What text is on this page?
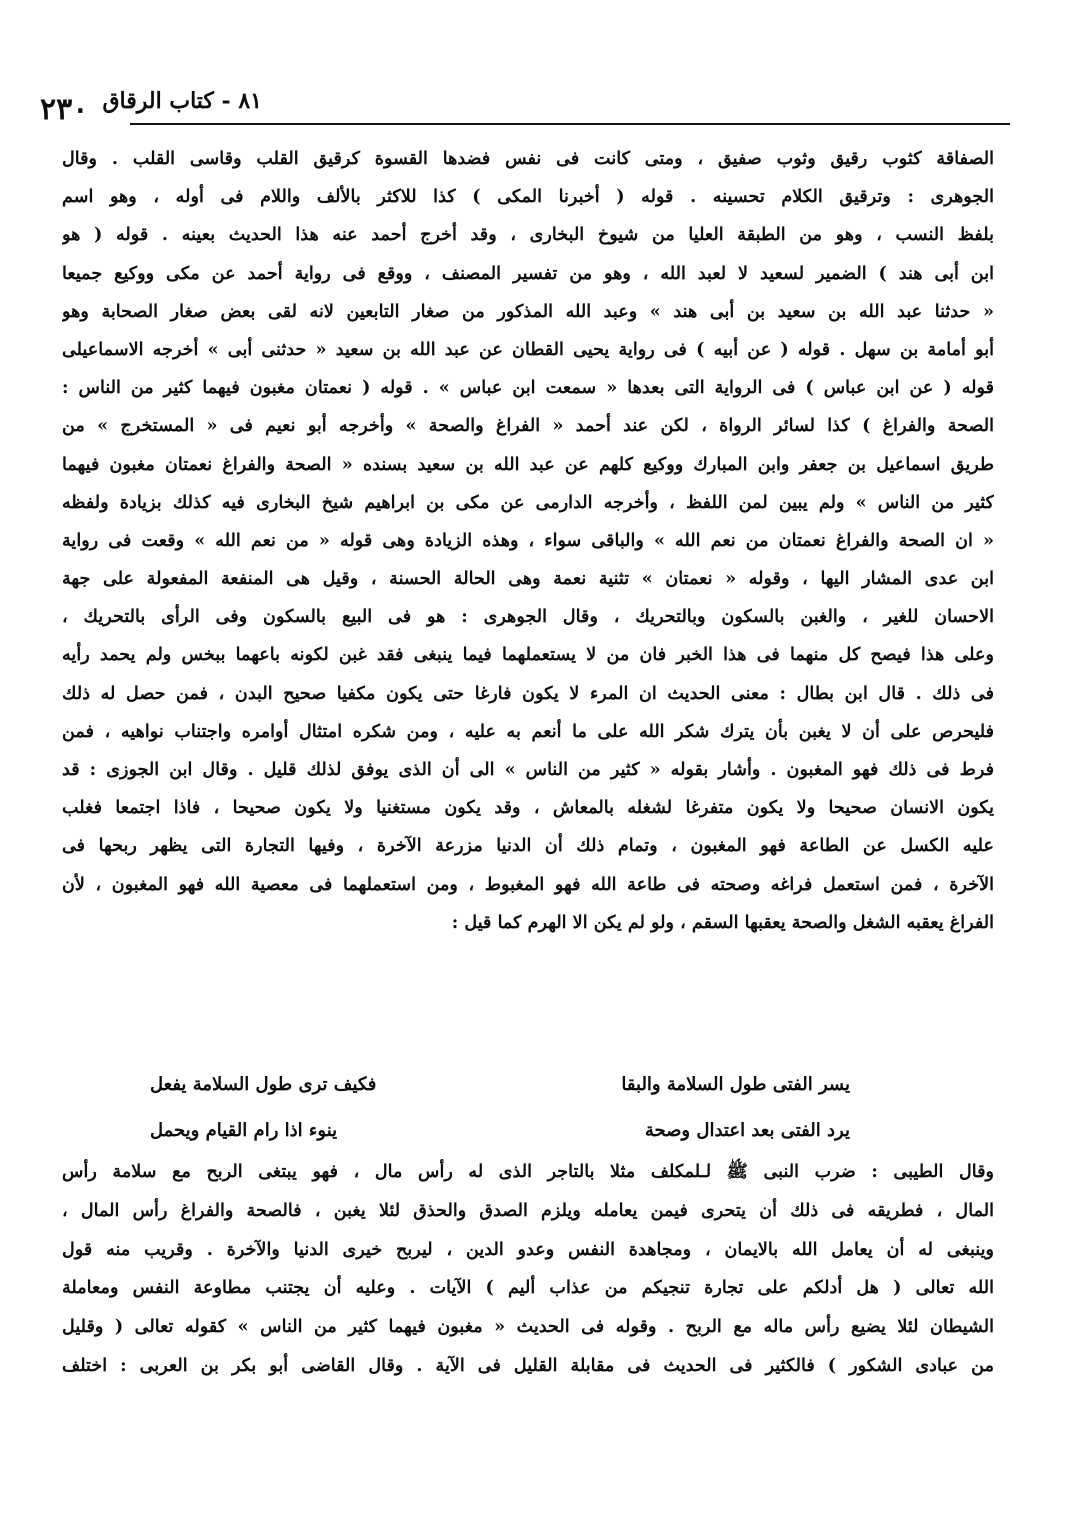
٨١ - كتاب الرقاق
٢٣٠
الصفاقة كثوب رقيق وثوب صفيق ، ومتى كانت فى نفس فضدها القسوة كرقيق القلب وقاسى القلب . وقال
الجوهرى : وترقيق الكلام تحسينه . قوله ( أخبرنا المكى ) كذا للاكثر بالألف واللام فى أوله ، وهو اسم
بلفظ النسب ، وهو من الطبقة العليا من شيوخ البخارى ، وقد أخرج أحمد عنه هذا الحديث بعينه . قوله ( هو
ابن أبى هند ) الضمير لسعيد لا لعبد الله ، وهو من تفسير المصنف ، ووقع فى رواية أحمد عن مكى ووكيع جميعا
« حدثنا عبد الله بن سعيد بن أبى هند » وعبد الله المذكور من صغار التابعين لانه لقى بعض صغار الصحابة وهو
أبو أمامة بن سهل . قوله ( عن أبيه ) فى رواية يحيى القطان عن عبد الله بن سعيد « حدثنى أبى » أخرجه الاسماعيلى
قوله ( عن ابن عباس ) فى الرواية التى بعدها « سمعت ابن عباس » . قوله ( نعمتان مغبون فيهما كثير من الناس :
الصحة والفراغ ) كذا لسائر الرواة ، لكن عند أحمد « الفراغ والصحة » وأخرجه أبو نعيم فى « المستخرج » من
طريق اسماعيل بن جعفر وابن المبارك ووكيع كلهم عن عبد الله بن سعيد بسنده « الصحة والفراغ نعمتان مغبون فيهما
كثير من الناس » ولم يبين لمن اللفظ ، وأخرجه الدارمى عن مكى بن ابراهيم شيخ البخارى فيه كذلك بزيادة ولفظه
« ان الصحة والفراغ نعمتان من نعم الله » والباقى سواء ، وهذه الزيادة وهى قوله « من نعم الله » وقعت فى رواية
ابن عدى المشار اليها ، وقوله « نعمتان » تثنية نعمة وهى الحالة الحسنة ، وقيل هى المنفعة المفعولة على جهة
الاحسان للغير ، والغبن بالسكون وبالتحريك ، وقال الجوهرى : هو فى البيع بالسكون وفى الرأى بالتحريك ،
وعلى هذا فيصح كل منهما فى هذا الخبر فان من لا يستعملهما فيما ينبغى فقد غبن لكونه باعهما ببخس ولم يحمد رأيه
فى ذلك . قال ابن بطال : معنى الحديث ان المرء لا يكون فارغا حتى يكون مكفيا صحيح البدن ، فمن حصل له ذلك
فليحرص على أن لا يغبن بأن يترك شكر الله على ما أنعم به عليه ، ومن شكره امتثال أوامره واجتناب نواهيه ، فمن
فرط فى ذلك فهو المغبون . وأشار بقوله « كثير من الناس » الى أن الذى يوفق لذلك قليل . وقال ابن الجوزى : قد
يكون الانسان صحيحا ولا يكون متفرغا لشغله بالمعاش ، وقد يكون مستغنيا ولا يكون صحيحا ، فاذا اجتمعا فغلب
عليه الكسل عن الطاعة فهو المغبون ، وتمام ذلك أن الدنيا مزرعة الآخرة ، وفيها التجارة التى يظهر ربحها فى
الآخرة ، فمن استعمل فراغه وصحته فى طاعة الله فهو المغبوط ، ومن استعملهما فى معصية الله فهو المغبون ، لأن
الفراغ يعقبه الشغل والصحة يعقبها السقم ، ولو لم يكن الا الهرم كما قيل :
يسر الفتى طول السلامة والبقا
فكيف ترى طول السلامة يفعل
يرد الفتى بعد اعتدال وصحة
ينوء اذا رام القيام ويحمل
وقال الطيبى : ضرب النبى ﷺ لـلمكلف مثلا بالتاجر الذى له رأس مال ، فهو يبتغى الربح مع سلامة رأس
المال ، فطريقه فى ذلك أن يتحرى فيمن يعامله ويلزم الصدق والحذق لئلا يغبن ، فالصحة والفراغ رأس المال ،
وينبغى له أن يعامل الله بالايمان ، ومجاهدة النفس وعدو الدين ، ليربح خيرى الدنيا والآخرة . وقريب منه قول
الله تعالى ( هل أدلكم على تجارة تنجيكم من عذاب أليم ) الآيات . وعليه أن يجتنب مطاوعة النفس ومعاملة
الشيطان لئلا يضيع رأس ماله مع الربح . وقوله فى الحديث « مغبون فيهما كثير من الناس » كقوله تعالى ( وقليل
من عبادى الشكور ) فالكثير فى الحديث فى مقابلة القليل فى الآية . وقال القاضى أبو بكر بن العربى : اختلف
